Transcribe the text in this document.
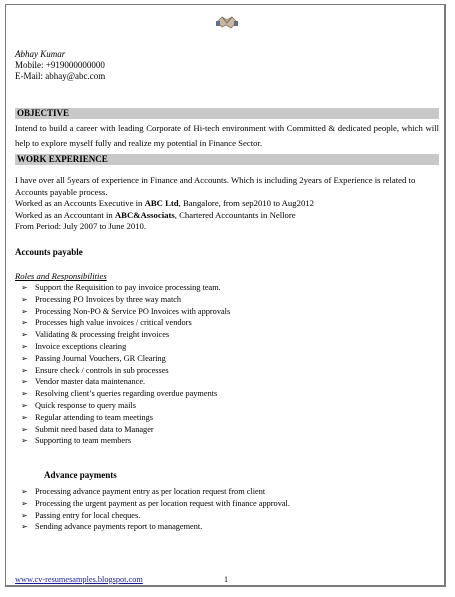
Abhay Kumar
Mobile: +919000000000
E-Mail: abhay@abc.com
OBJECTIVE
Intend to build a career with leading Corporate of Hi-tech environment with Committed & dedicated people, which will help to explore myself fully and realize my potential in Finance Sector.
WORK EXPERIENCE
I have over all 5years of experience in Finance and Accounts. Which is including 2years of Experience is related to Accounts payable process.
Worked as an Accounts Executive in ABC Ltd, Bangalore, from sep2010 to Aug2012
Worked as an Accountant in ABC&Associats, Chartered Accountants in Nellore
From Period: July 2007 to June 2010.
Accounts payable
Roles and Responsibilities
➢ Support the Requisition to pay invoice processing team.
➢ Processing PO Invoices by three way match
➢ Processing Non-PO & Service PO Invoices with approvals
➢ Processes high value invoices / critical vendors
➢ Validating & processing freight invoices
➢ Invoice exceptions clearing
➢ Passing Journal Vouchers, GR Clearing
➢ Ensure check / controls in sub processes
➢ Vendor master data maintenance.
➢ Resolving client’s queries regarding overdue payments
➢ Quick response to query mails
➢ Regular attending to team meetings
➢ Submit need based data to Manager
➢ Supporting to team members
Advance payments
➢ Processing advance payment entry as per location request from client
➢ Processing the urgent payment as per location request with finance approval.
➢ Passing entry for local cheques.
➢ Sending advance payments report to management.
www.cv-resumesamples.blogspot.com	1
